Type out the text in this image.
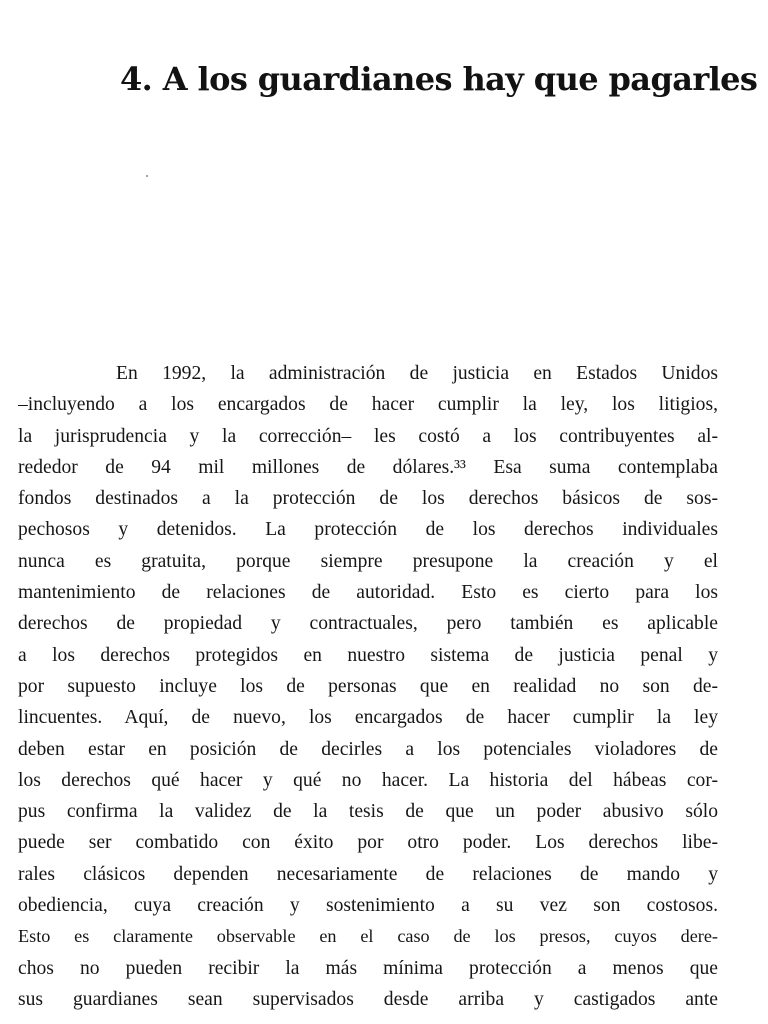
4. A los guardianes hay que pagarles
En 1992, la administración de justicia en Estados Unidos
–incluyendo a los encargados de hacer cumplir la ley, los litigios,
la jurisprudencia y la corrección– les costó a los contribuyentes al-
rededor de 94 mil millones de dólares.³³ Esa suma contemplaba
fondos destinados a la protección de los derechos básicos de sos-
pechosos y detenidos. La protección de los derechos individuales
nunca es gratuita, porque siempre presupone la creación y el
mantenimiento de relaciones de autoridad. Esto es cierto para los
derechos de propiedad y contractuales, pero también es aplicable
a los derechos protegidos en nuestro sistema de justicia penal y
por supuesto incluye los de personas que en realidad no son de-
lincuentes. Aquí, de nuevo, los encargados de hacer cumplir la ley
deben estar en posición de decirles a los potenciales violadores de
los derechos qué hacer y qué no hacer. La historia del hábeas cor-
pus confirma la validez de la tesis de que un poder abusivo sólo
puede ser combatido con éxito por otro poder. Los derechos libe-
rales clásicos dependen necesariamente de relaciones de mando y
obediencia, cuya creación y sostenimiento a su vez son costosos.
Esto es claramente observable en el caso de los presos, cuyos dere-
chos no pueden recibir la más mínima protección a menos que
sus guardianes sean supervisados desde arriba y castigados ante
